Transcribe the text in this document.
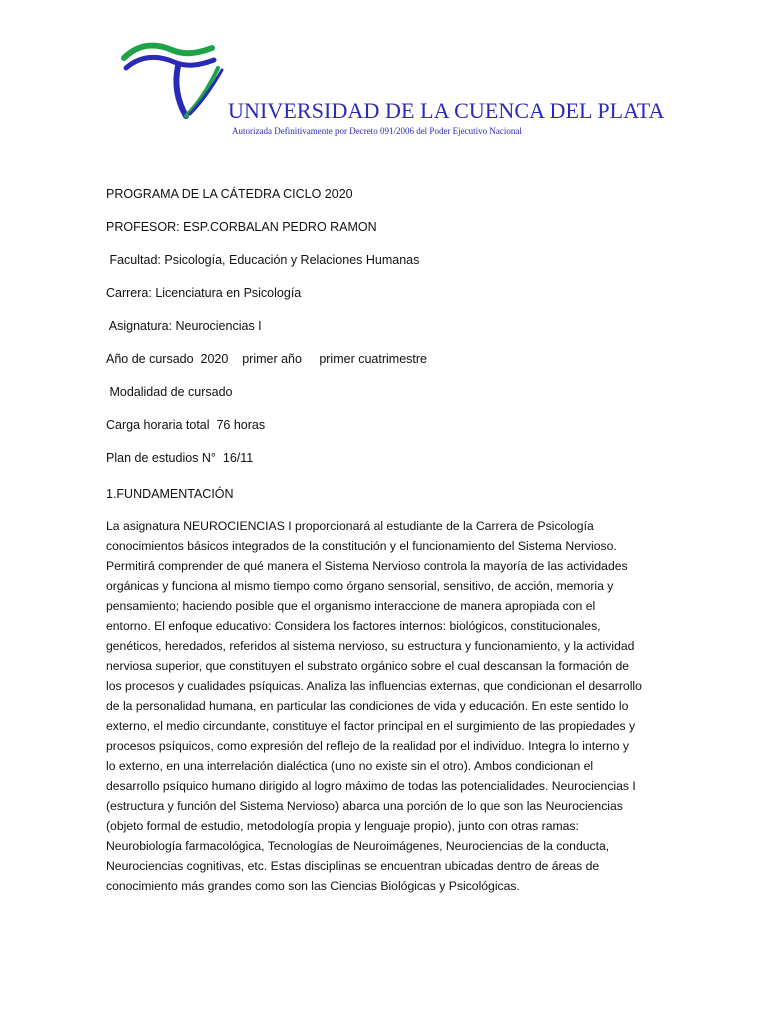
UNIVERSIDAD DE LA CUENCA DEL PLATA
Autorizada Definitivamente por Decreto 091/2006 del Poder Ejecutivo Nacional
PROGRAMA DE LA CÁTEDRA CICLO 2020
PROFESOR: ESP.CORBALAN PEDRO RAMON
Facultad: Psicología, Educación y Relaciones Humanas
Carrera: Licenciatura en Psicología
Asignatura: Neurociencias I
Año de cursado  2020    primer año     primer cuatrimestre
Modalidad de cursado
Carga horaria total  76 horas
Plan de estudios N°  16/11
1.FUNDAMENTACIÓN
La asignatura NEUROCIENCIAS I proporcionará al estudiante de la Carrera de Psicología
conocimientos básicos integrados de la constitución y el funcionamiento del Sistema Nervioso.
Permitirá comprender de qué manera el Sistema Nervioso controla la mayoría de las actividades
orgánicas y funciona al mismo tiempo como órgano sensorial, sensitivo, de acción, memoria y
pensamiento; haciendo posible que el organismo interaccione de manera apropiada con el
entorno. El enfoque educativo: Considera los factores internos: biológicos, constitucionales,
genéticos, heredados, referidos al sistema nervioso, su estructura y funcionamiento, y la actividad
nerviosa superior, que constituyen el substrato orgánico sobre el cual descansan la formación de
los procesos y cualidades psíquicas. Analiza las influencias externas, que condicionan el desarrollo
de la personalidad humana, en particular las condiciones de vida y educación. En este sentido lo
externo, el medio circundante, constituye el factor principal en el surgimiento de las propiedades y
procesos psíquicos, como expresión del reflejo de la realidad por el individuo. Integra lo interno y
lo externo, en una interrelación dialéctica (uno no existe sin el otro). Ambos condicionan el
desarrollo psíquico humano dirigido al logro máximo de todas las potencialidades. Neurociencias I
(estructura y función del Sistema Nervioso) abarca una porción de lo que son las Neurociencias
(objeto formal de estudio, metodología propia y lenguaje propio), junto con otras ramas:
Neurobiología farmacológica, Tecnologías de Neuroimágenes, Neurociencias de la conducta,
Neurociencias cognitivas, etc. Estas disciplinas se encuentran ubicadas dentro de áreas de
conocimiento más grandes como son las Ciencias Biológicas y Psicológicas.
